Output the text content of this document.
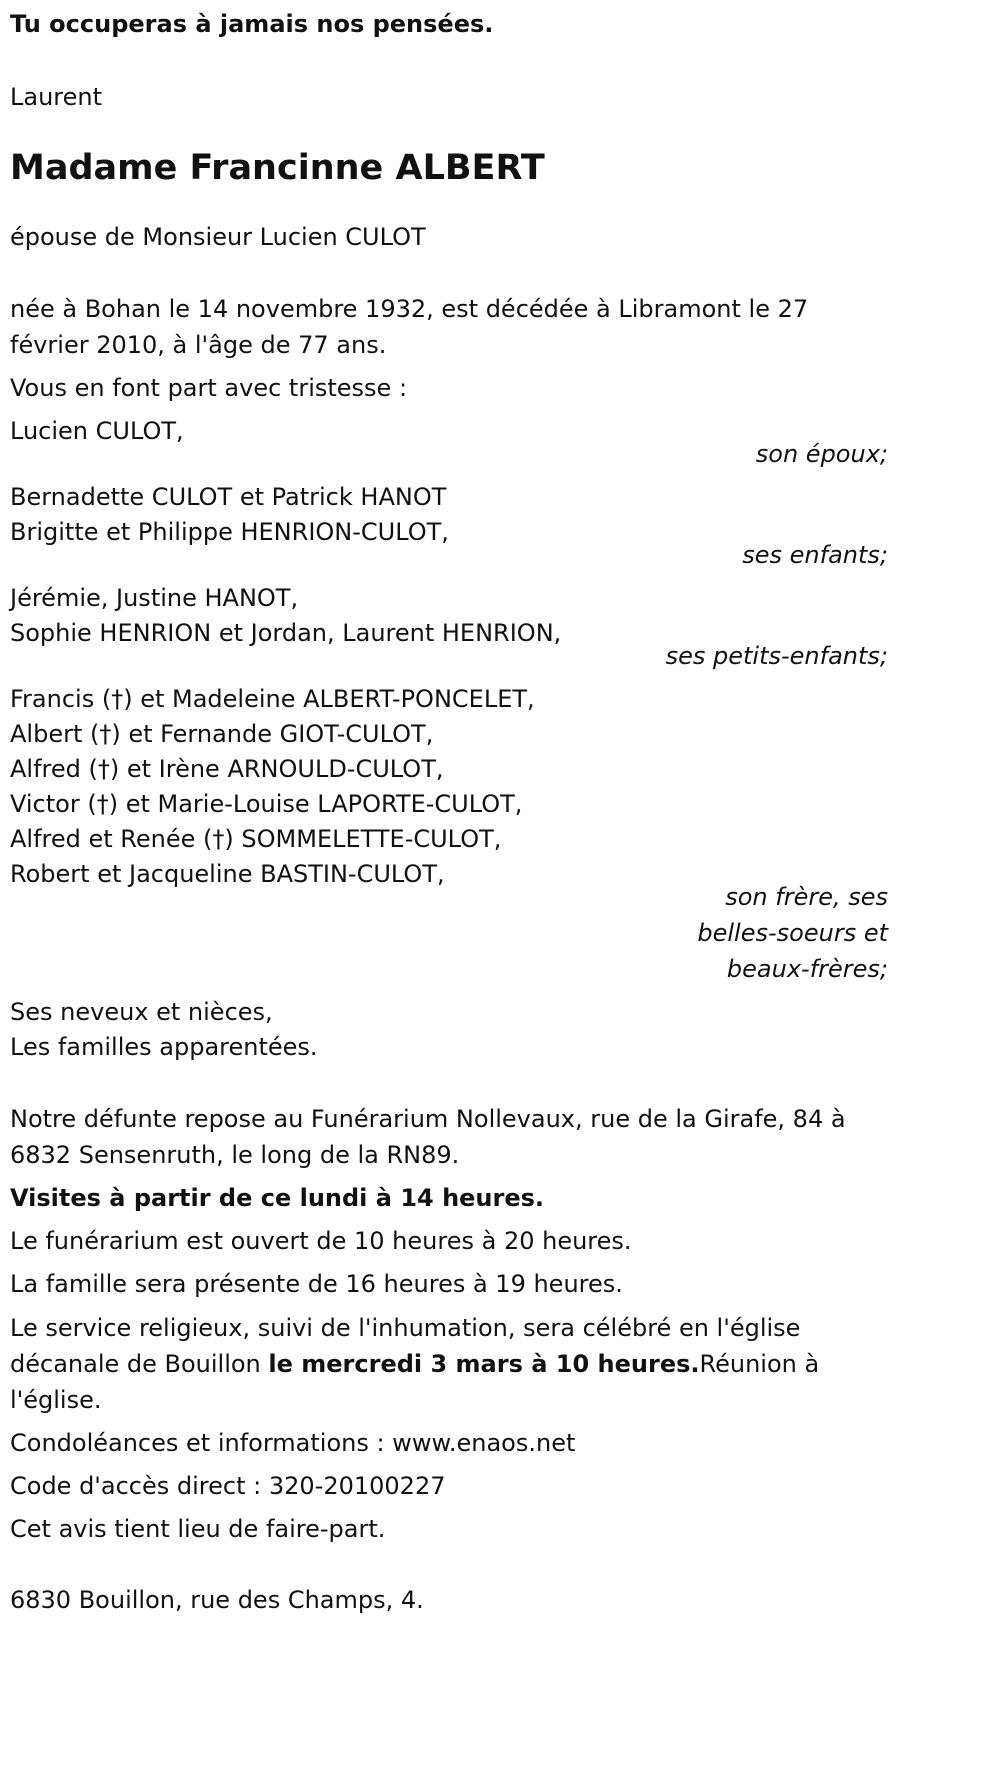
Tu occuperas à jamais nos pensées.
Laurent
Madame Francinne ALBERT
épouse de Monsieur Lucien CULOT
née à Bohan le 14 novembre 1932, est décédée à Libramont le 27 février 2010, à l'âge de 77 ans.
Vous en font part avec tristesse :
Lucien CULOT,
son époux;
Bernadette CULOT et Patrick HANOT
Brigitte et Philippe HENRION-CULOT,
ses enfants;
Jérémie, Justine HANOT,
Sophie HENRION et Jordan, Laurent HENRION,
ses petits-enfants;
Francis (†) et Madeleine ALBERT-PONCELET,
Albert (†) et Fernande GIOT-CULOT,
Alfred (†) et Irène ARNOULD-CULOT,
Victor (†) et Marie-Louise LAPORTE-CULOT,
Alfred et Renée (†) SOMMELETTE-CULOT,
Robert et Jacqueline BASTIN-CULOT,
son frère, ses
belles-soeurs et
beaux-frères;
Ses neveux et nièces,
Les familles apparentées.
Notre défunte repose au Funérarium Nollevaux, rue de la Girafe, 84 à 6832 Sensenruth, le long de la RN89.
Visites à partir de ce lundi à 14 heures.
Le funérarium est ouvert de 10 heures à 20 heures.
La famille sera présente de 16 heures à 19 heures.
Le service religieux, suivi de l'inhumation, sera célébré en l'église décanale de Bouillon le mercredi 3 mars à 10 heures.Réunion à l'église.
Condoléances et informations : www.enaos.net
Code d'accès direct : 320-20100227
Cet avis tient lieu de faire-part.
6830 Bouillon, rue des Champs, 4.
